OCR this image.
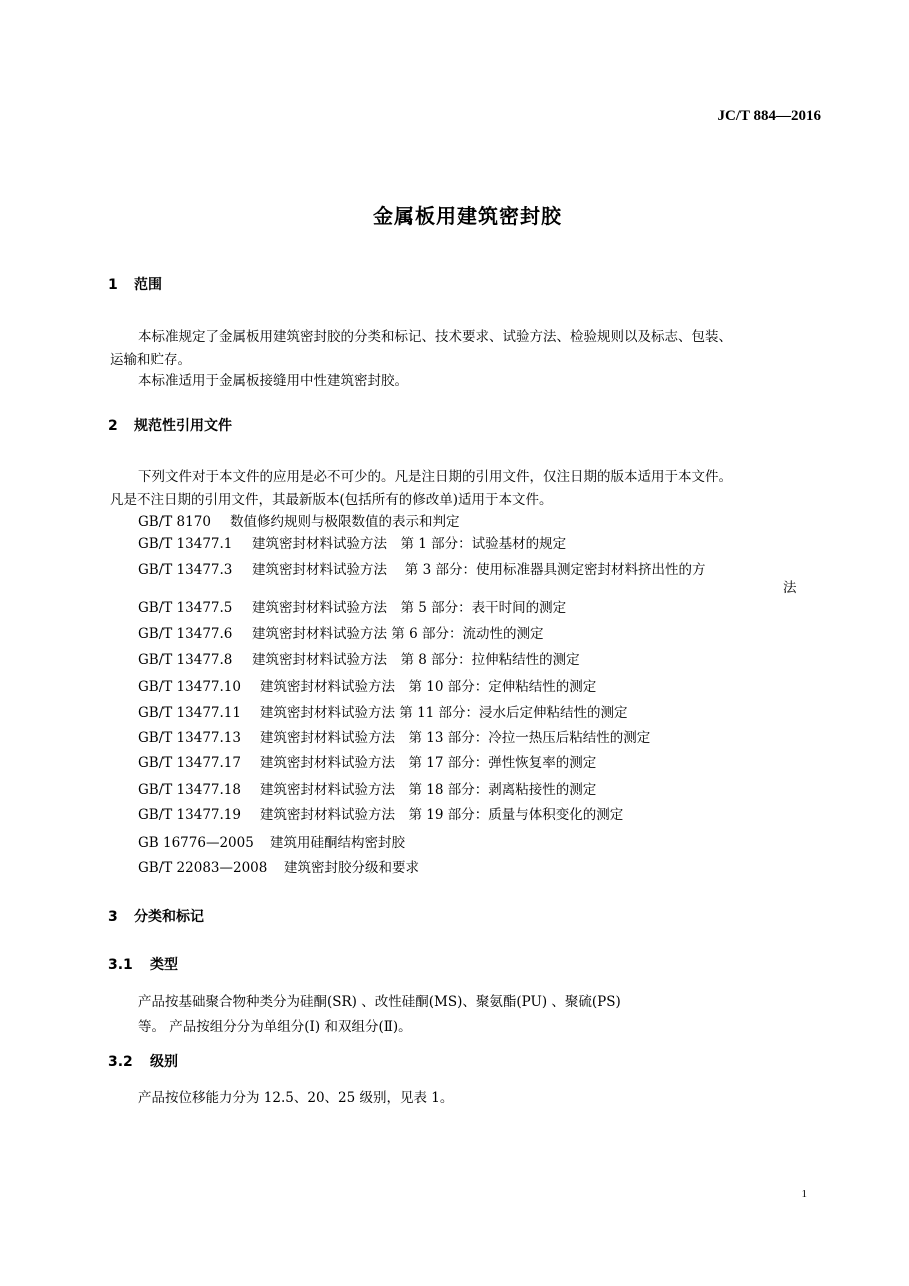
JC/T 884—2016
金属板用建筑密封胶
1 范围
本标准规定了金属板用建筑密封胶的分类和标记、技术要求、试验方法、检验规则以及标志、包装、
运输和贮存。
本标准适用于金属板接缝用中性建筑密封胶。
2 规范性引用文件
下列文件对于本文件的应用是必不可少的。凡是注日期的引用文件，仅注日期的版本适用于本文件。
凡是不注日期的引用文件，其最新版本(包括所有的修改单)适用于本文件。
GB/T 8170 数值修约规则与极限数值的表示和判定
GB/T 13477.1 建筑密封材料试验方法　第 1 部分：试验基材的规定
GB/T 13477.3 建筑密封材料试验方法　 第 3 部分：使用标准器具测定密封材料挤出性的方
法
GB/T 13477.5 建筑密封材料试验方法　第 5 部分：表干时间的测定
GB/T 13477.6 建筑密封材料试验方法 第 6 部分：流动性的测定
GB/T 13477.8 建筑密封材料试验方法　第 8 部分：拉伸粘结性的测定
GB/T 13477.10 建筑密封材料试验方法　第 10 部分：定伸粘结性的测定
GB/T 13477.11 建筑密封材料试验方法 第 11 部分：浸水后定伸粘结性的测定
GB/T 13477.13 建筑密封材料试验方法　第 13 部分：冷拉一热压后粘结性的测定
GB/T 13477.17 建筑密封材料试验方法　第 17 部分：弹性恢复率的测定
GB/T 13477.18 建筑密封材料试验方法　第 18 部分：剥离粘接性的测定
GB/T 13477.19 建筑密封材料试验方法　第 19 部分：质量与体积变化的测定
GB 16776—2005 建筑用硅酮结构密封胶
GB/T 22083—2008 建筑密封胶分级和要求
3 分类和标记
3.1 类型
产品按基础聚合物种类分为硅酮(SR) 、改性硅酮(MS)、聚氨酯(PU) 、聚硫(PS)
等。 产品按组分分为单组分(I) 和双组分(Ⅱ)。
3.2 级别
产品按位移能力分为 12.5、20、25 级别，见表 1。
1
